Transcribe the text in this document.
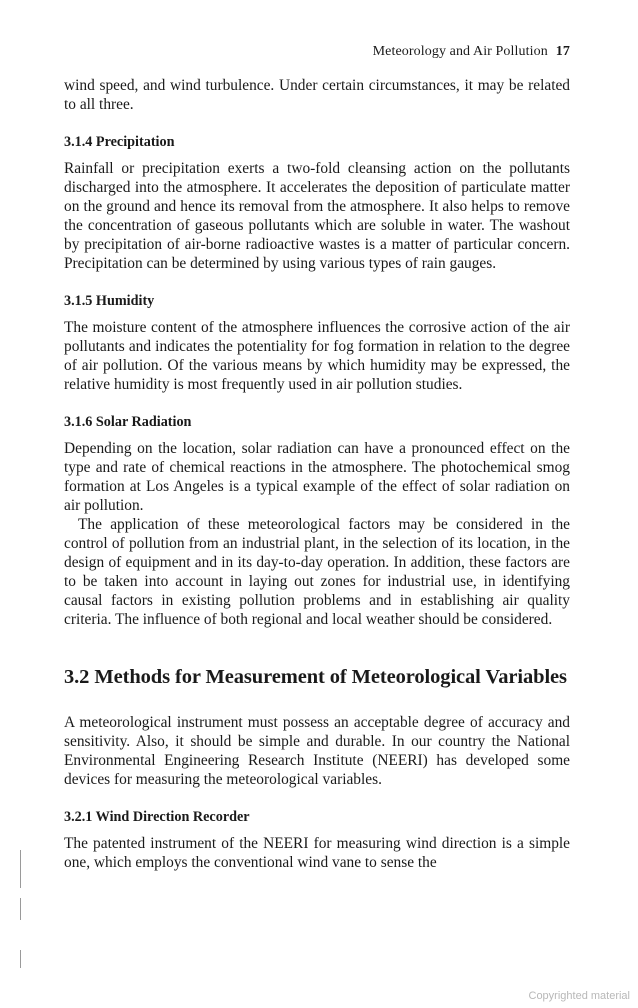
Meteorology and Air Pollution 17

wind speed, and wind turbulence. Under certain circumstances, it may be related to all three.

3.1.4 Precipitation

Rainfall or precipitation exerts a two-fold cleansing action on the pollutants discharged into the atmosphere. It accelerates the deposition of particulate matter on the ground and hence its removal from the atmosphere. It also helps to remove the concentration of gaseous pollutants which are soluble in water. The washout by precipitation of air-borne radioactive wastes is a matter of particular concern. Precipitation can be determined by using various types of rain gauges.

3.1.5 Humidity

The moisture content of the atmosphere influences the corrosive action of the air pollutants and indicates the potentiality for fog formation in relation to the degree of air pollution. Of the various means by which humidity may be expressed, the relative humidity is most frequently used in air pollution studies.

3.1.6 Solar Radiation

Depending on the location, solar radiation can have a pronounced effect on the type and rate of chemical reactions in the atmosphere. The photochemical smog formation at Los Angeles is a typical example of the effect of solar radiation on air pollution.

The application of these meteorological factors may be considered in the control of pollution from an industrial plant, in the selection of its location, in the design of equipment and in its day-to-day operation. In addition, these factors are to be taken into account in laying out zones for industrial use, in identifying causal factors in existing pollution problems and in establishing air quality criteria. The influence of both regional and local weather should be considered.

3.2 Methods for Measurement of Meteorological Variables

A meteorological instrument must possess an acceptable degree of accuracy and sensitivity. Also, it should be simple and durable. In our country the National Environmental Engineering Research Institute (NEERI) has developed some devices for measuring the meteorological variables.

3.2.1 Wind Direction Recorder

The patented instrument of the NEERI for measuring wind direction is a simple one, which employs the conventional wind vane to sense the

Copyrighted material
